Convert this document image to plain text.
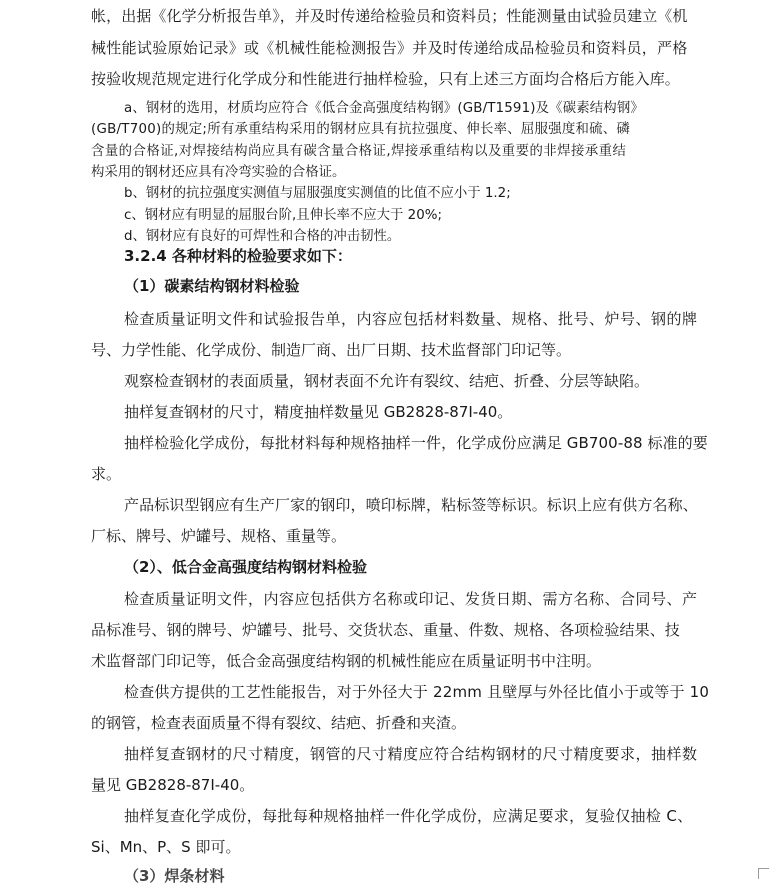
帐，出据《化学分析报告单》，并及时传递给检验员和资料员；性能测量由试验员建立《机

械性能试验原始记录》或《机械性能检测报告》并及时传递给成品检验员和资料员，严格

按验收规范规定进行化学成分和性能进行抽样检验，只有上述三方面均合格后方能入库。

a、钢材的选用，材质均应符合《低合金高强度结构钢》(GB/T1591)及《碳素结构钢》

(GB/T700)的规定;所有承重结构采用的钢材应具有抗拉强度、伸长率、屈服强度和硫、磷

含量的合格证,对焊接结构尚应具有碳含量合格证,焊接承重结构以及重要的非焊接承重结

构采用的钢材还应具有冷弯实验的合格证。

b、钢材的抗拉强度实测值与屈服强度实测值的比值不应小于 1.2;

c、钢材应有明显的屈服台阶,且伸长率不应大于 20%;

d、钢材应有良好的可焊性和合格的冲击韧性。

3.2.4 各种材料的检验要求如下：
（1）碳素结构钢材料检验

检查质量证明文件和试验报告单，内容应包括材料数量、规格、批号、炉号、钢的牌

号、力学性能、化学成份、制造厂商、出厂日期、技术监督部门印记等。

观察检查钢材的表面质量，钢材表面不允许有裂纹、结疤、折叠、分层等缺陷。

抽样复查钢材的尺寸，精度抽样数量见 GB2828-87I-40。

抽样检验化学成份，每批材料每种规格抽样一件，化学成份应满足 GB700-88 标准的要

求。

产品标识型钢应有生产厂家的钢印，喷印标牌，粘标签等标识。标识上应有供方名称、

厂标、牌号、炉罐号、规格、重量等。

（2）、低合金高强度结构钢材料检验

检查质量证明文件，内容应包括供方名称或印记、发货日期、需方名称、合同号、产

品标准号、钢的牌号、炉罐号、批号、交货状态、重量、件数、规格、各项检验结果、技

术监督部门印记等，低合金高强度结构钢的机械性能应在质量证明书中注明。

检查供方提供的工艺性能报告，对于外径大于 22mm 且壁厚与外径比值小于或等于 10

的钢管，检查表面质量不得有裂纹、结疤、折叠和夹渣。

抽样复查钢材的尺寸精度，钢管的尺寸精度应符合结构钢材的尺寸精度要求，抽样数

量见 GB2828-87I-40。

抽样复查化学成份，每批每种规格抽样一件化学成份，应满足要求，复验仅抽检 C、

Si、Mn、P、S 即可。

（3）焊条材料
